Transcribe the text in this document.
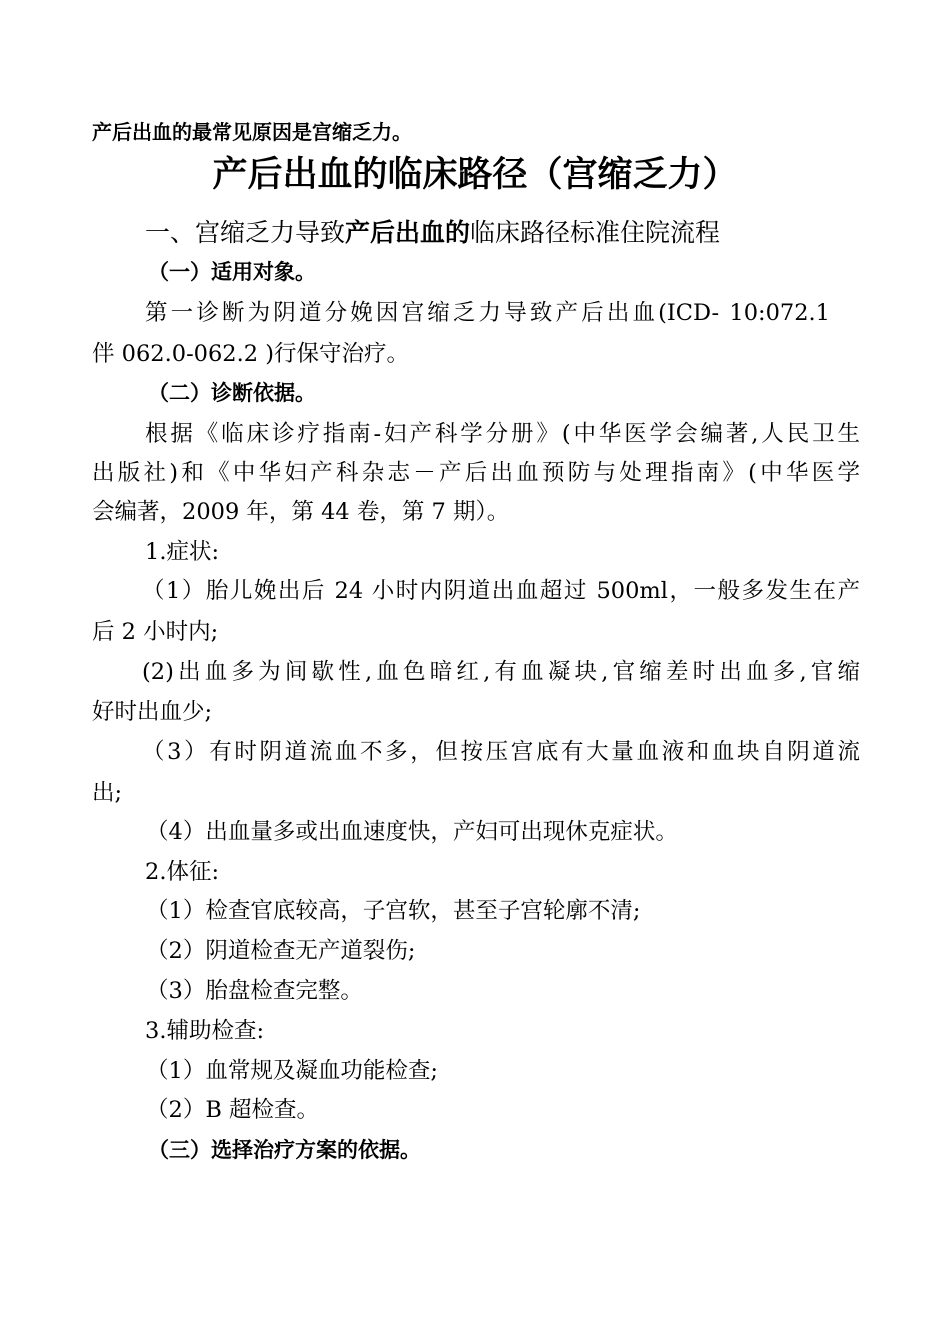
产后出血的最常见原因是宫缩乏力。
产后出血的临床路径（宫缩乏力）
一、宫缩乏力导致产后出血的临床路径标准住院流程
（一）适用对象。
第一诊断为阴道分娩因宫缩乏力导致产后出血(ICD- 10:072.1
伴 062.0-062.2 )行保守治疗。
（二）诊断依据。
根据《临床诊疗指南-妇产科学分册》(中华医学会编著,人民卫生
出版社)和《中华妇产科杂志－产后出血预防与处理指南》(中华医学
会编著，2009 年，第 44 卷，第 7 期）。
1.症状:
（1）胎儿娩出后 24 小时内阴道出血超过 500ml，一般多发生在产
后 2 小时内;
(2)出血多为间歇性,血色暗红,有血凝块,官缩差时出血多,官缩
好时出血少;
（3）有时阴道流血不多，但按压宫底有大量血液和血块自阴道流
出;
（4）出血量多或出血速度快，产妇可出现休克症状。
2.体征:
（1）检查官底较高，子宫软，甚至子宫轮廓不清;
（2）阴道检查无产道裂伤;
（3）胎盘检查完整。
3.辅助检查:
（1）血常规及凝血功能检查;
（2）B 超检查。
（三）选择治疗方案的依据。
